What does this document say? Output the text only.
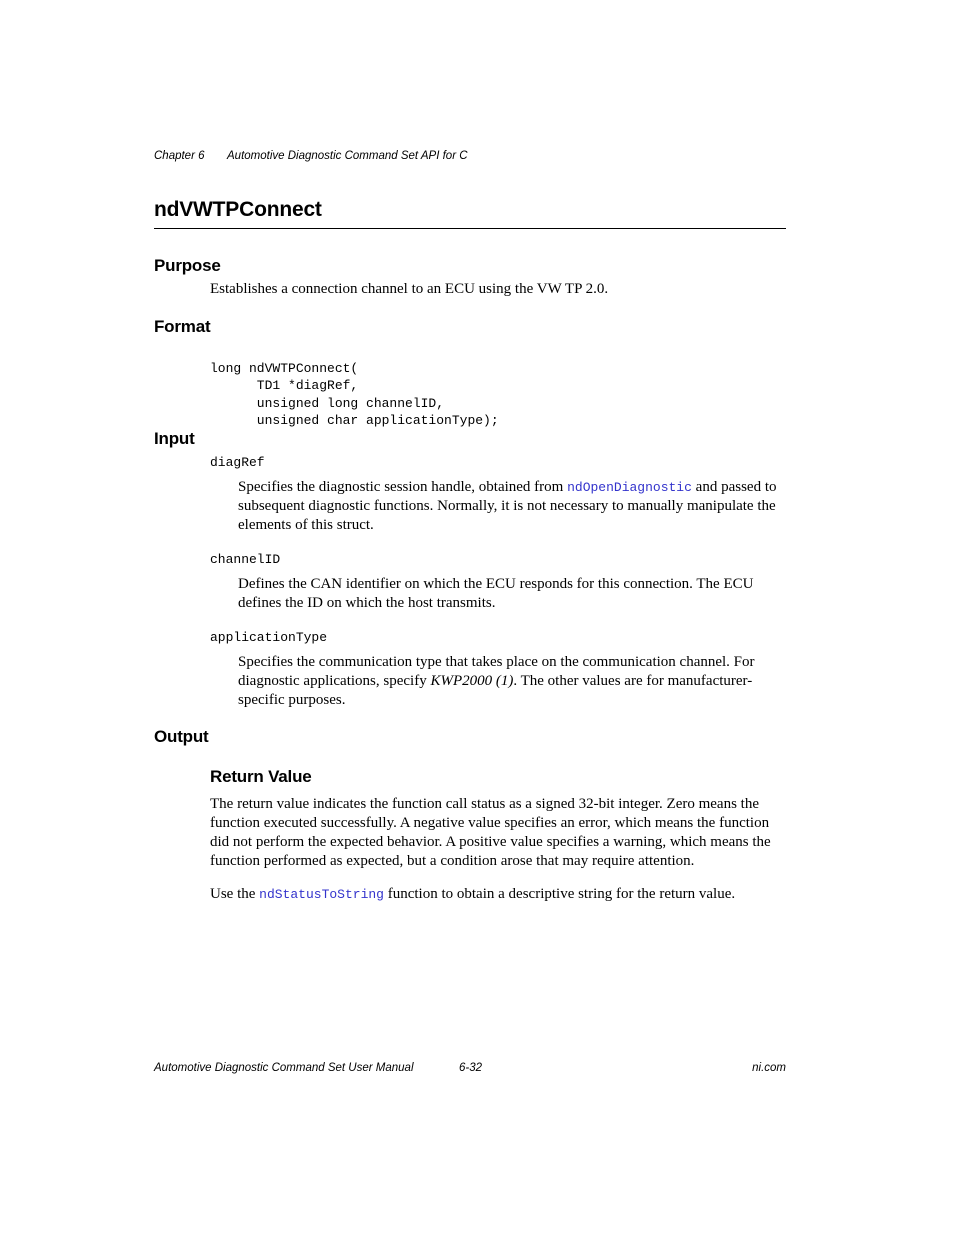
Chapter 6 Automotive Diagnostic Command Set API for C
ndVWTPConnect
Purpose

Establishes a connection channel to an ECU using the VW TP 2.0.

Format

long ndVWTPConnect(
TD1 *diagRef,
unsigned long channelID,
unsigned char applicationType);

Input
diagRef

Specifies the diagnostic session handle, obtained from ndOpenDiagnostic and passed to subsequent diagnostic functions. Normally, it is not necessary to manually manipulate the elements of this struct.

channelID

Defines the CAN identifier on which the ECU responds for this connection. The ECU defines the ID on which the host transmits.

applicationType

Specifies the communication type that takes place on the communication channel. For diagnostic applications, specify KWP2000 (1). The other values are for manufacturer-specific purposes.

Output
Return Value

The return value indicates the function call status as a signed 32-bit integer. Zero means the function executed successfully. A negative value specifies an error, which means the function did not perform the expected behavior. A positive value specifies a warning, which means the function performed as expected, but a condition arose that may require attention.

Use the ndStatusToString function to obtain a descriptive string for the return value.

Automotive Diagnostic Command Set User Manual	6-32	ni.com
